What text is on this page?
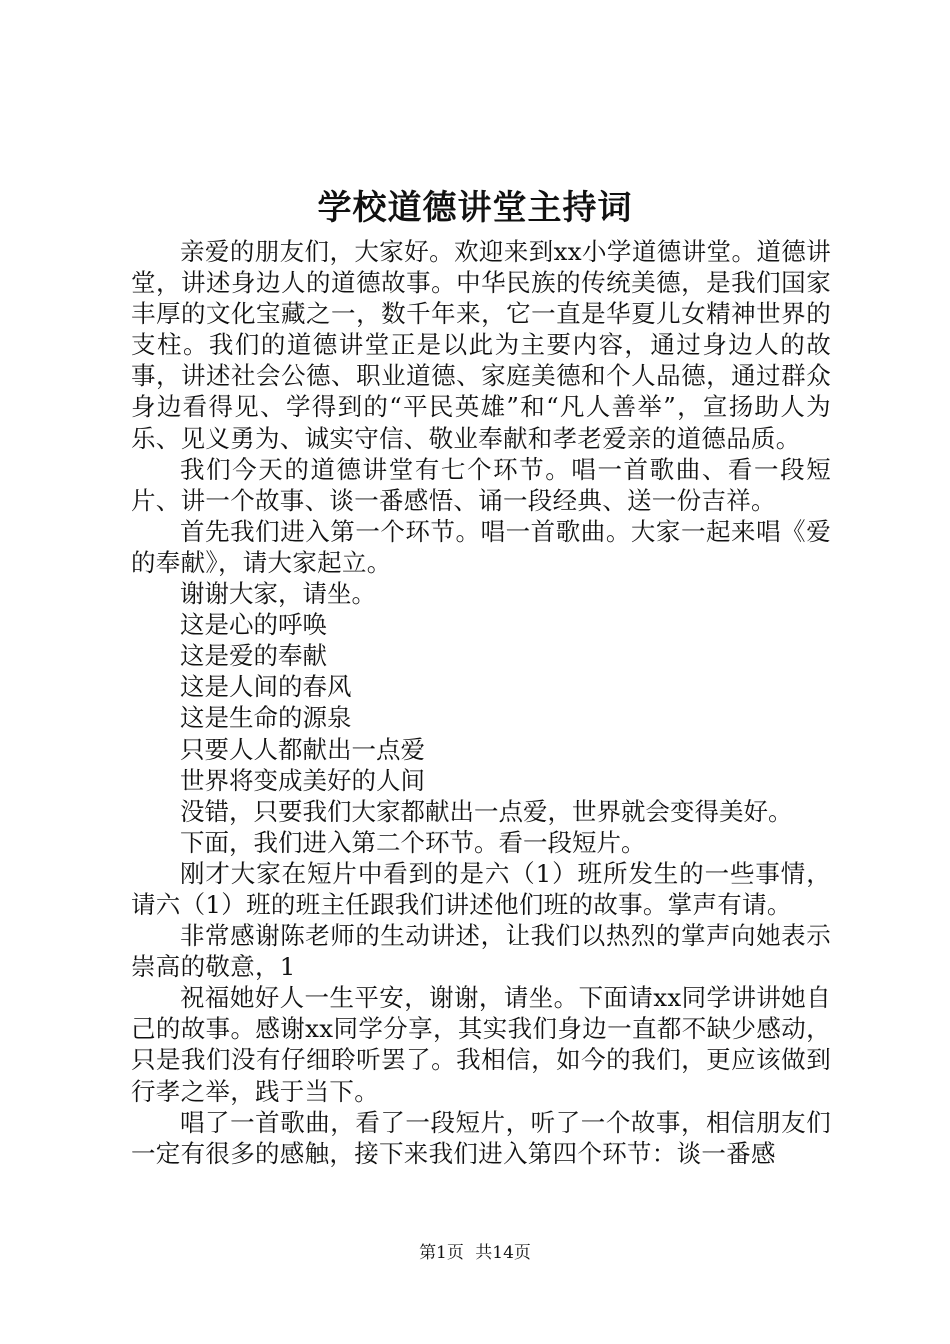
学校道德讲堂主持词

亲爱的朋友们，大家好。欢迎来到xx小学道德讲堂。道德讲堂，讲述身边人的道德故事。中华民族的传统美德，是我们国家丰厚的文化宝藏之一，数千年来，它一直是华夏儿女精神世界的支柱。我们的道德讲堂正是以此为主要内容，通过身边人的故事，讲述社会公德、职业道德、家庭美德和个人品德，通过群众身边看得见、学得到的“平民英雄”和“凡人善举”，宣扬助人为乐、见义勇为、诚实守信、敬业奉献和孝老爱亲的道德品质。

我们今天的道德讲堂有七个环节。唱一首歌曲、看一段短片、讲一个故事、谈一番感悟、诵一段经典、送一份吉祥。

首先我们进入第一个环节。唱一首歌曲。大家一起来唱《爱的奉献》，请大家起立。

谢谢大家，请坐。

这是心的呼唤

这是爱的奉献

这是人间的春风

这是生命的源泉

只要人人都献出一点爱

世界将变成美好的人间

没错，只要我们大家都献出一点爱，世界就会变得美好。

下面，我们进入第二个环节。看一段短片。

刚才大家在短片中看到的是六（1）班所发生的一些事情，请六（1）班的班主任跟我们讲述他们班的故事。掌声有请。

非常感谢陈老师的生动讲述，让我们以热烈的掌声向她表示崇高的敬意，1

祝福她好人一生平安，谢谢，请坐。下面请xx同学讲讲她自己的故事。感谢xx同学分享，其实我们身边一直都不缺少感动，只是我们没有仔细聆听罢了。我相信，如今的我们，更应该做到行孝之举，践于当下。

唱了一首歌曲，看了一段短片，听了一个故事，相信朋友们一定有很多的感触，接下来我们进入第四个环节：谈一番感

第1页 共14页
